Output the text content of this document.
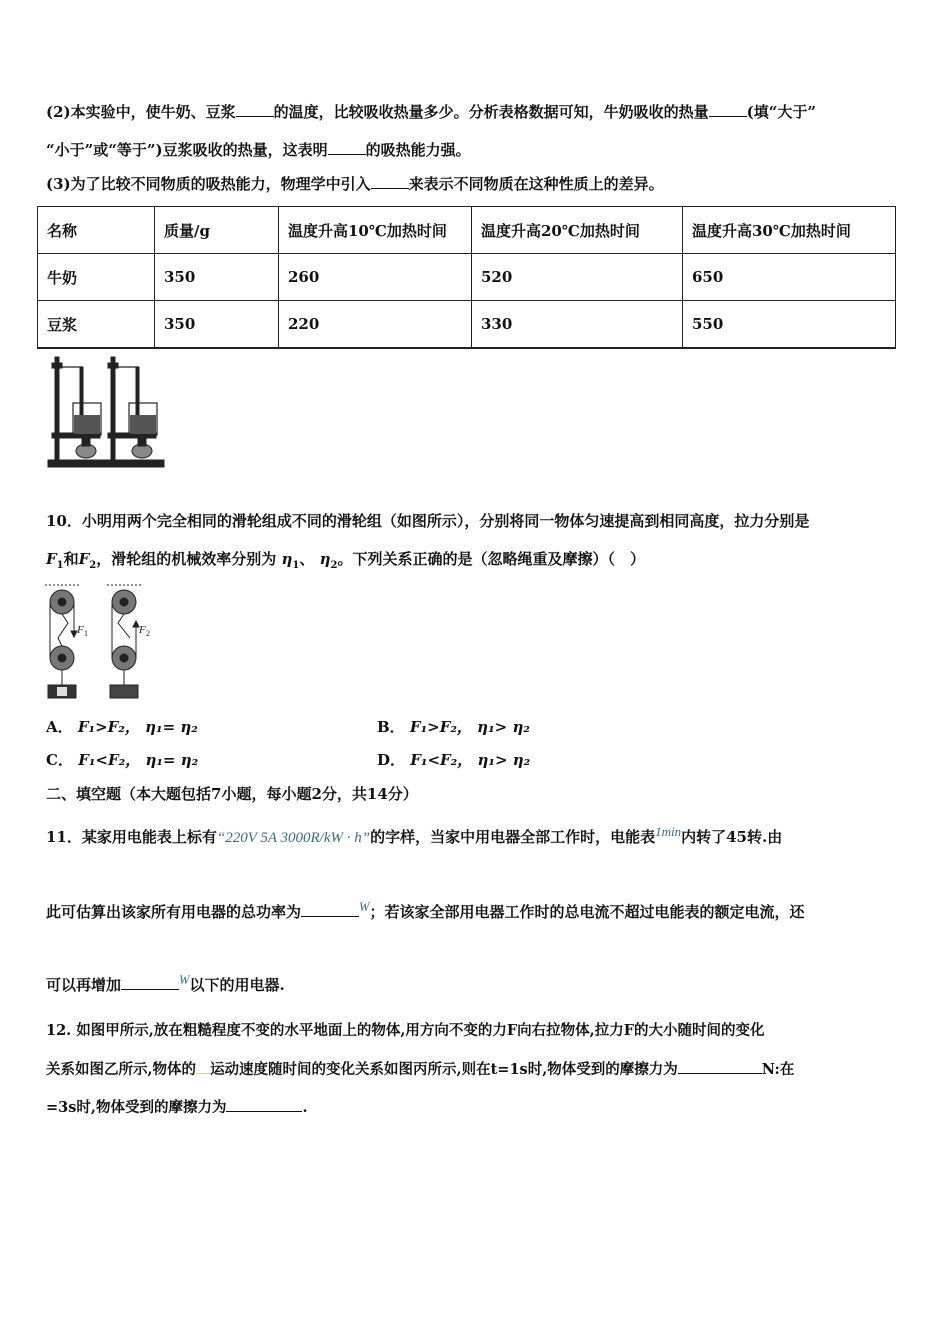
(2)本实验中，使牛奶、豆浆	的温度，比较吸收热量多少。分析表格数据可知，牛奶吸收的热量	(填“大于”
“小于”或“等于”)豆浆吸收的热量，这表明	的吸热能力强。
(3)为了比较不同物质的吸热能力，物理学中引入	来表示不同物质在这种性质上的差异。
名称	质量/g	温度升高10℃加热时间	温度升高20℃加热时间	温度升高30℃加热时间
牛奶	350	260	520	650
豆浆	350	220	330	550
10．小明用两个完全相同的滑轮组成不同的滑轮组（如图所示），分别将同一物体匀速提高到相同高度，拉力分别是
$F_1$和$F_2$，滑轮组的机械效率分别为 $\eta_1$、 $\eta_2$。下列关系正确的是（忽略绳重及摩擦）（　）
F 1	F 2
A． F₁>F₂， η₁= η₂	B． F₁>F₂， η₁> η₂
C． F₁<F₂， η₁= η₂	D． F₁<F₂， η₁> η₂
二、填空题（本大题包括7小题，每小题2分，共14分）
11．某家用电能表上标有“220V 5A 3000R/kW · h”的字样，当家中用电器全部工作时，电能表$^{1min}$内转了45转.由
此可估算出该家所有用电器的总功率为	$^W$；若该家全部用电器工作时的总电流不超过电能表的额定电流，还
可以再增加	$^W$以下的用电器.
12. 如图甲所示,放在粗糙程度不变的水平地面上的物体,用方向不变的力F向右拉物体,拉力F的大小随时间的变化
关系如图乙所示,物体的 运动速度随时间的变化关系如图丙所示,则在t=1s时,物体受到的摩擦力为	N:在
=3s时,物体受到的摩擦力为	.
